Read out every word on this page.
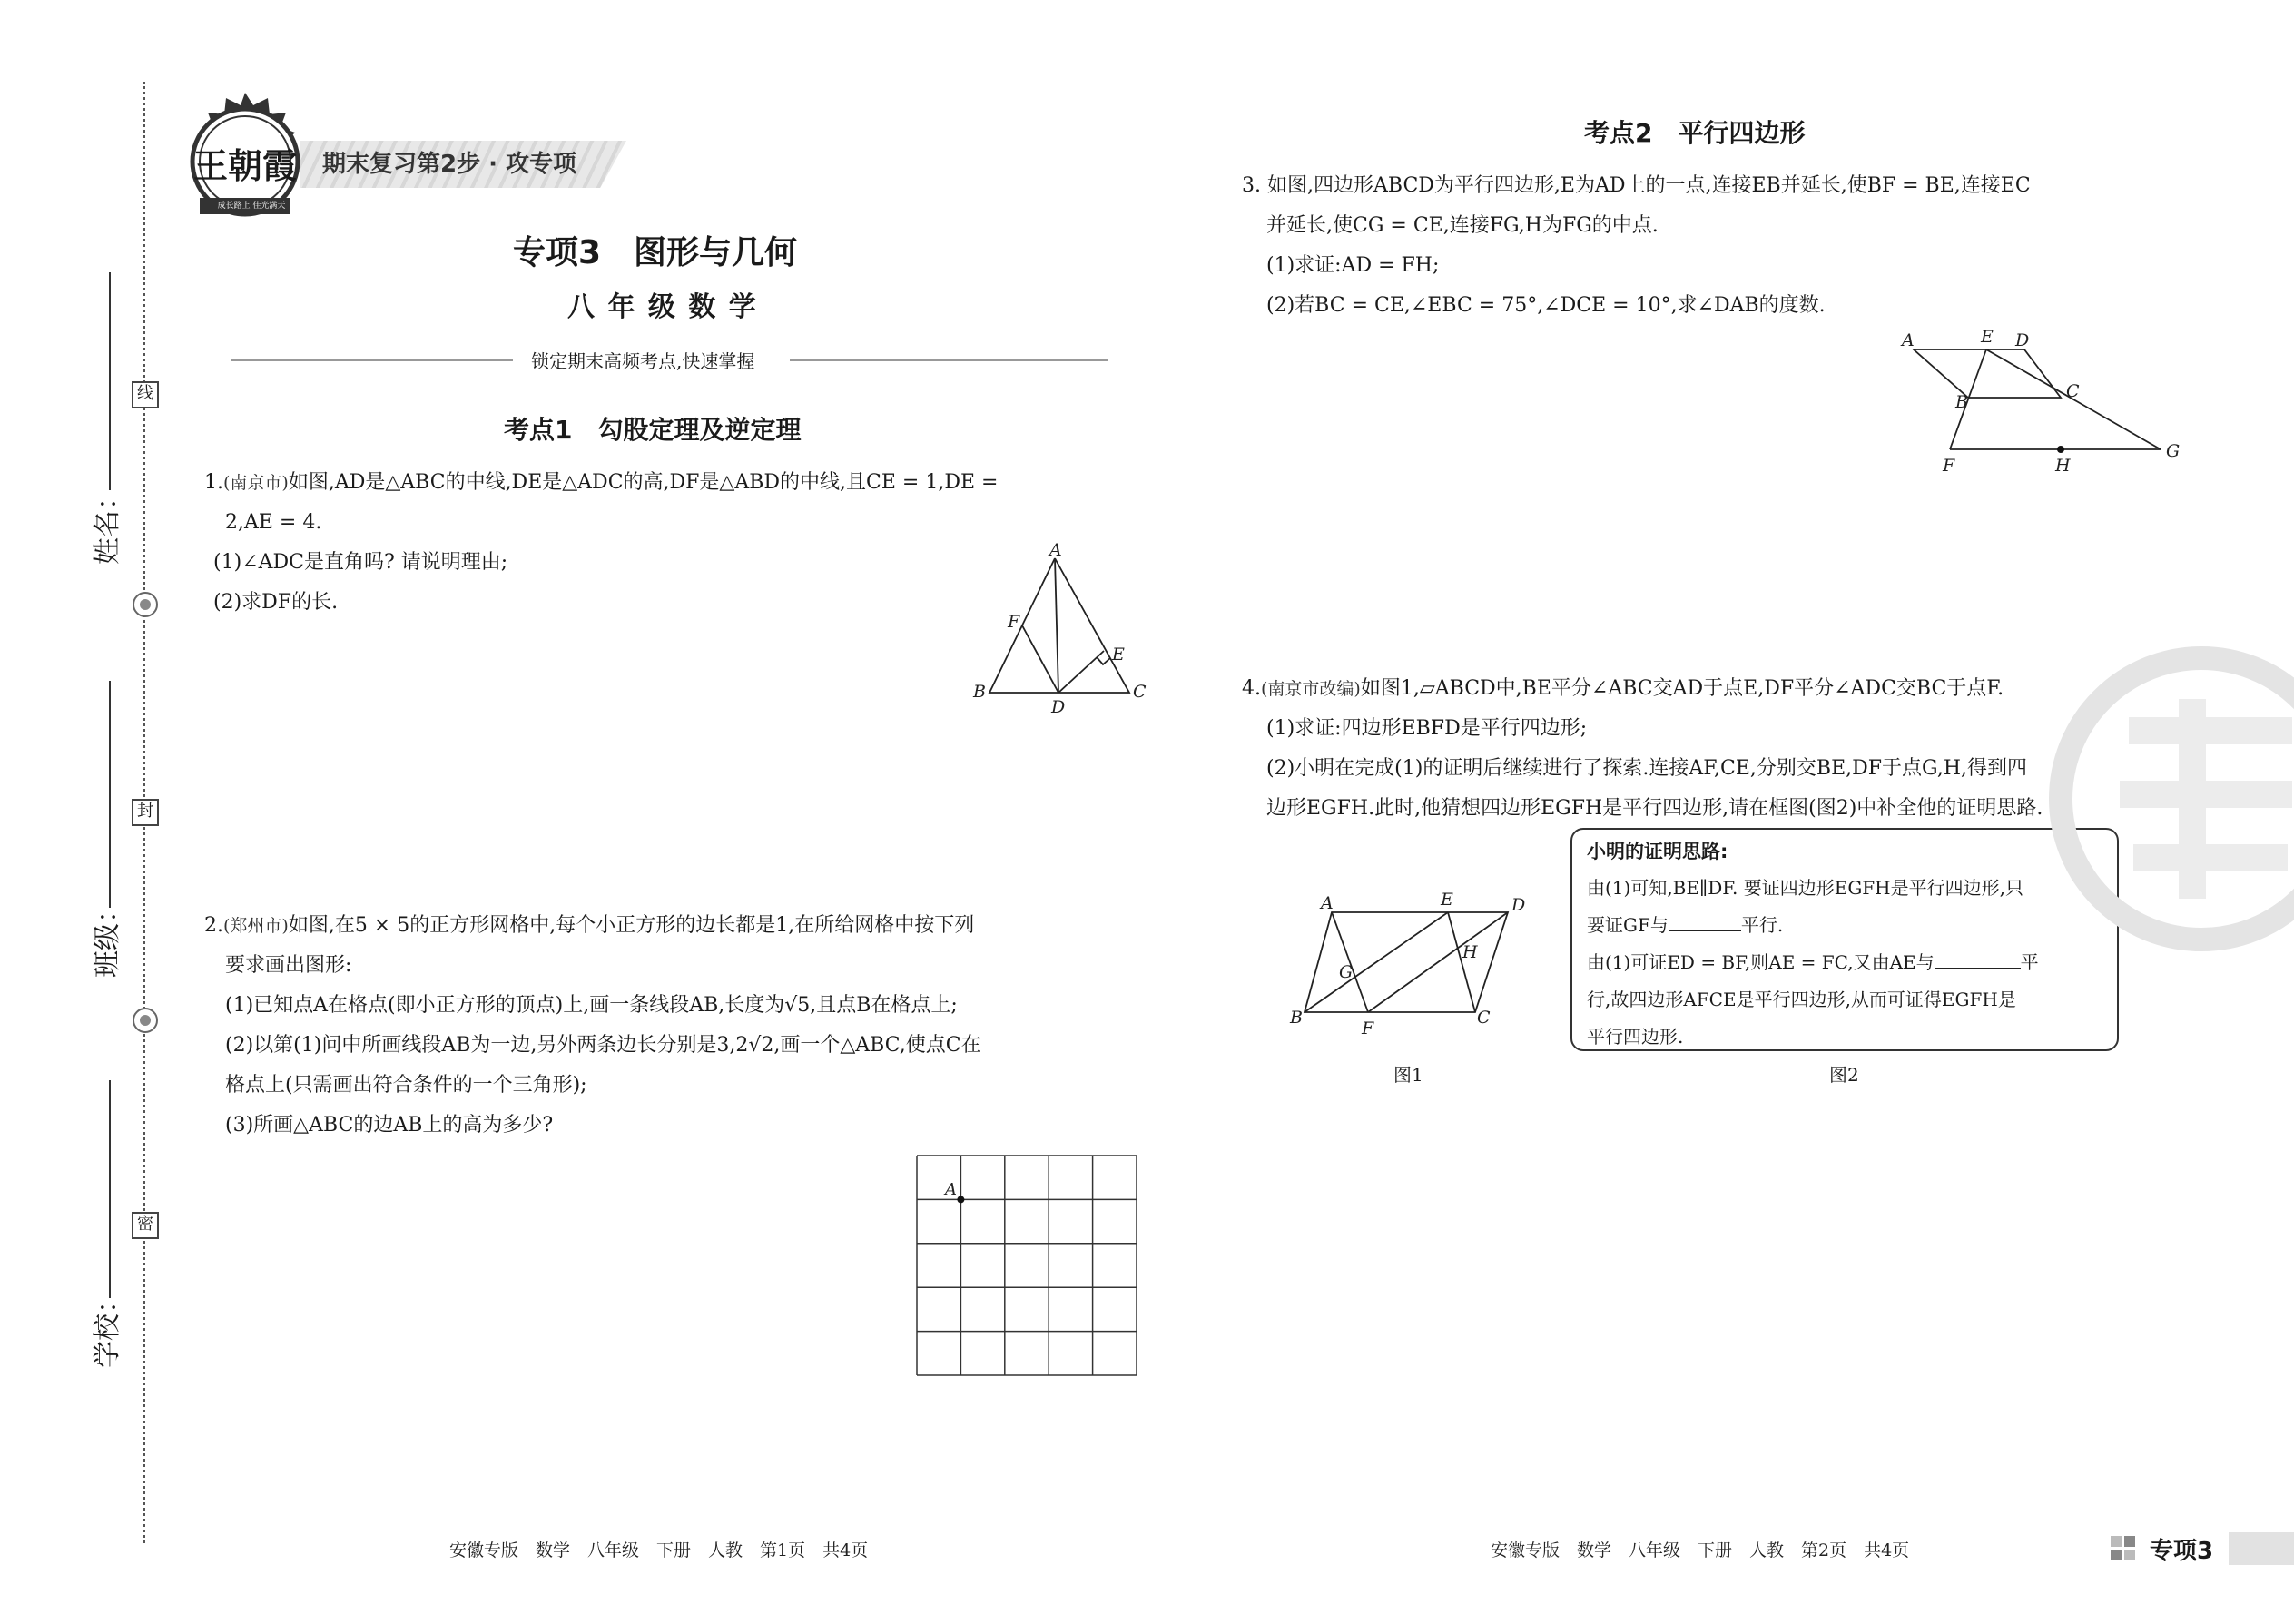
线
封
密
姓名：
班级：
学校：
王朝霞
成长路上 佳光满天
期末复习第2步 · 攻专项
专项3　图形与几何
八 年 级 数 学
锁定期末高频考点,快速掌握
考点1　勾股定理及逆定理
1.(南京市)如图,AD是△ABC的中线,DE是△ADC的高,DF是△ABD的中线,且CE = 1,DE =
2,AE = 4.
(1)∠ADC是直角吗? 请说明理由;
(2)求DF的长.
A
F
E
B
D
C
2.(郑州市)如图,在5 × 5的正方形网格中,每个小正方形的边长都是1,在所给网格中按下列
要求画出图形:
(1)已知点A在格点(即小正方形的顶点)上,画一条线段AB,长度为√5,且点B在格点上;
(2)以第(1)问中所画线段AB为一边,另外两条边长分别是3,2√2,画一个△ABC,使点C在
格点上(只需画出符合条件的一个三角形);
(3)所画△ABC的边AB上的高为多少?
A
考点2　平行四边形
3. 如图,四边形ABCD为平行四边形,E为AD上的一点,连接EB并延长,使BF = BE,连接EC
并延长,使CG = CE,连接FG,H为FG的中点.
(1)求证:AD = FH;
(2)若BC = CE,∠EBC = 75°,∠DCE = 10°,求∠DAB的度数.
A	E D
B
C
F	H
G
4.(南京市改编)如图1,▱ABCD中,BE平分∠ABC交AD于点E,DF平分∠ADC交BC于点F.
(1)求证:四边形EBFD是平行四边形;
(2)小明在完成(1)的证明后继续进行了探索.连接AF,CE,分别交BE,DF于点G,H,得到四
边形EGFH.此时,他猜想四边形EGFH是平行四边形,请在框图(图2)中补全他的证明思路.
A	E	D
G
H
B
F
C
图1
小明的证明思路:
由(1)可知,BE∥DF. 要证四边形EGFH是平行四边形,只
要证GF与	平行.
由(1)可证ED = BF,则AE = FC,又由AE与	平
行,故四边形AFCE是平行四边形,从而可证得EGFH是
平行四边形.
图2
安徽专版　数学　八年级　下册　人教　第1页　共4页	安徽专版　数学　八年级　下册　人教　第2页　共4页	专项3
